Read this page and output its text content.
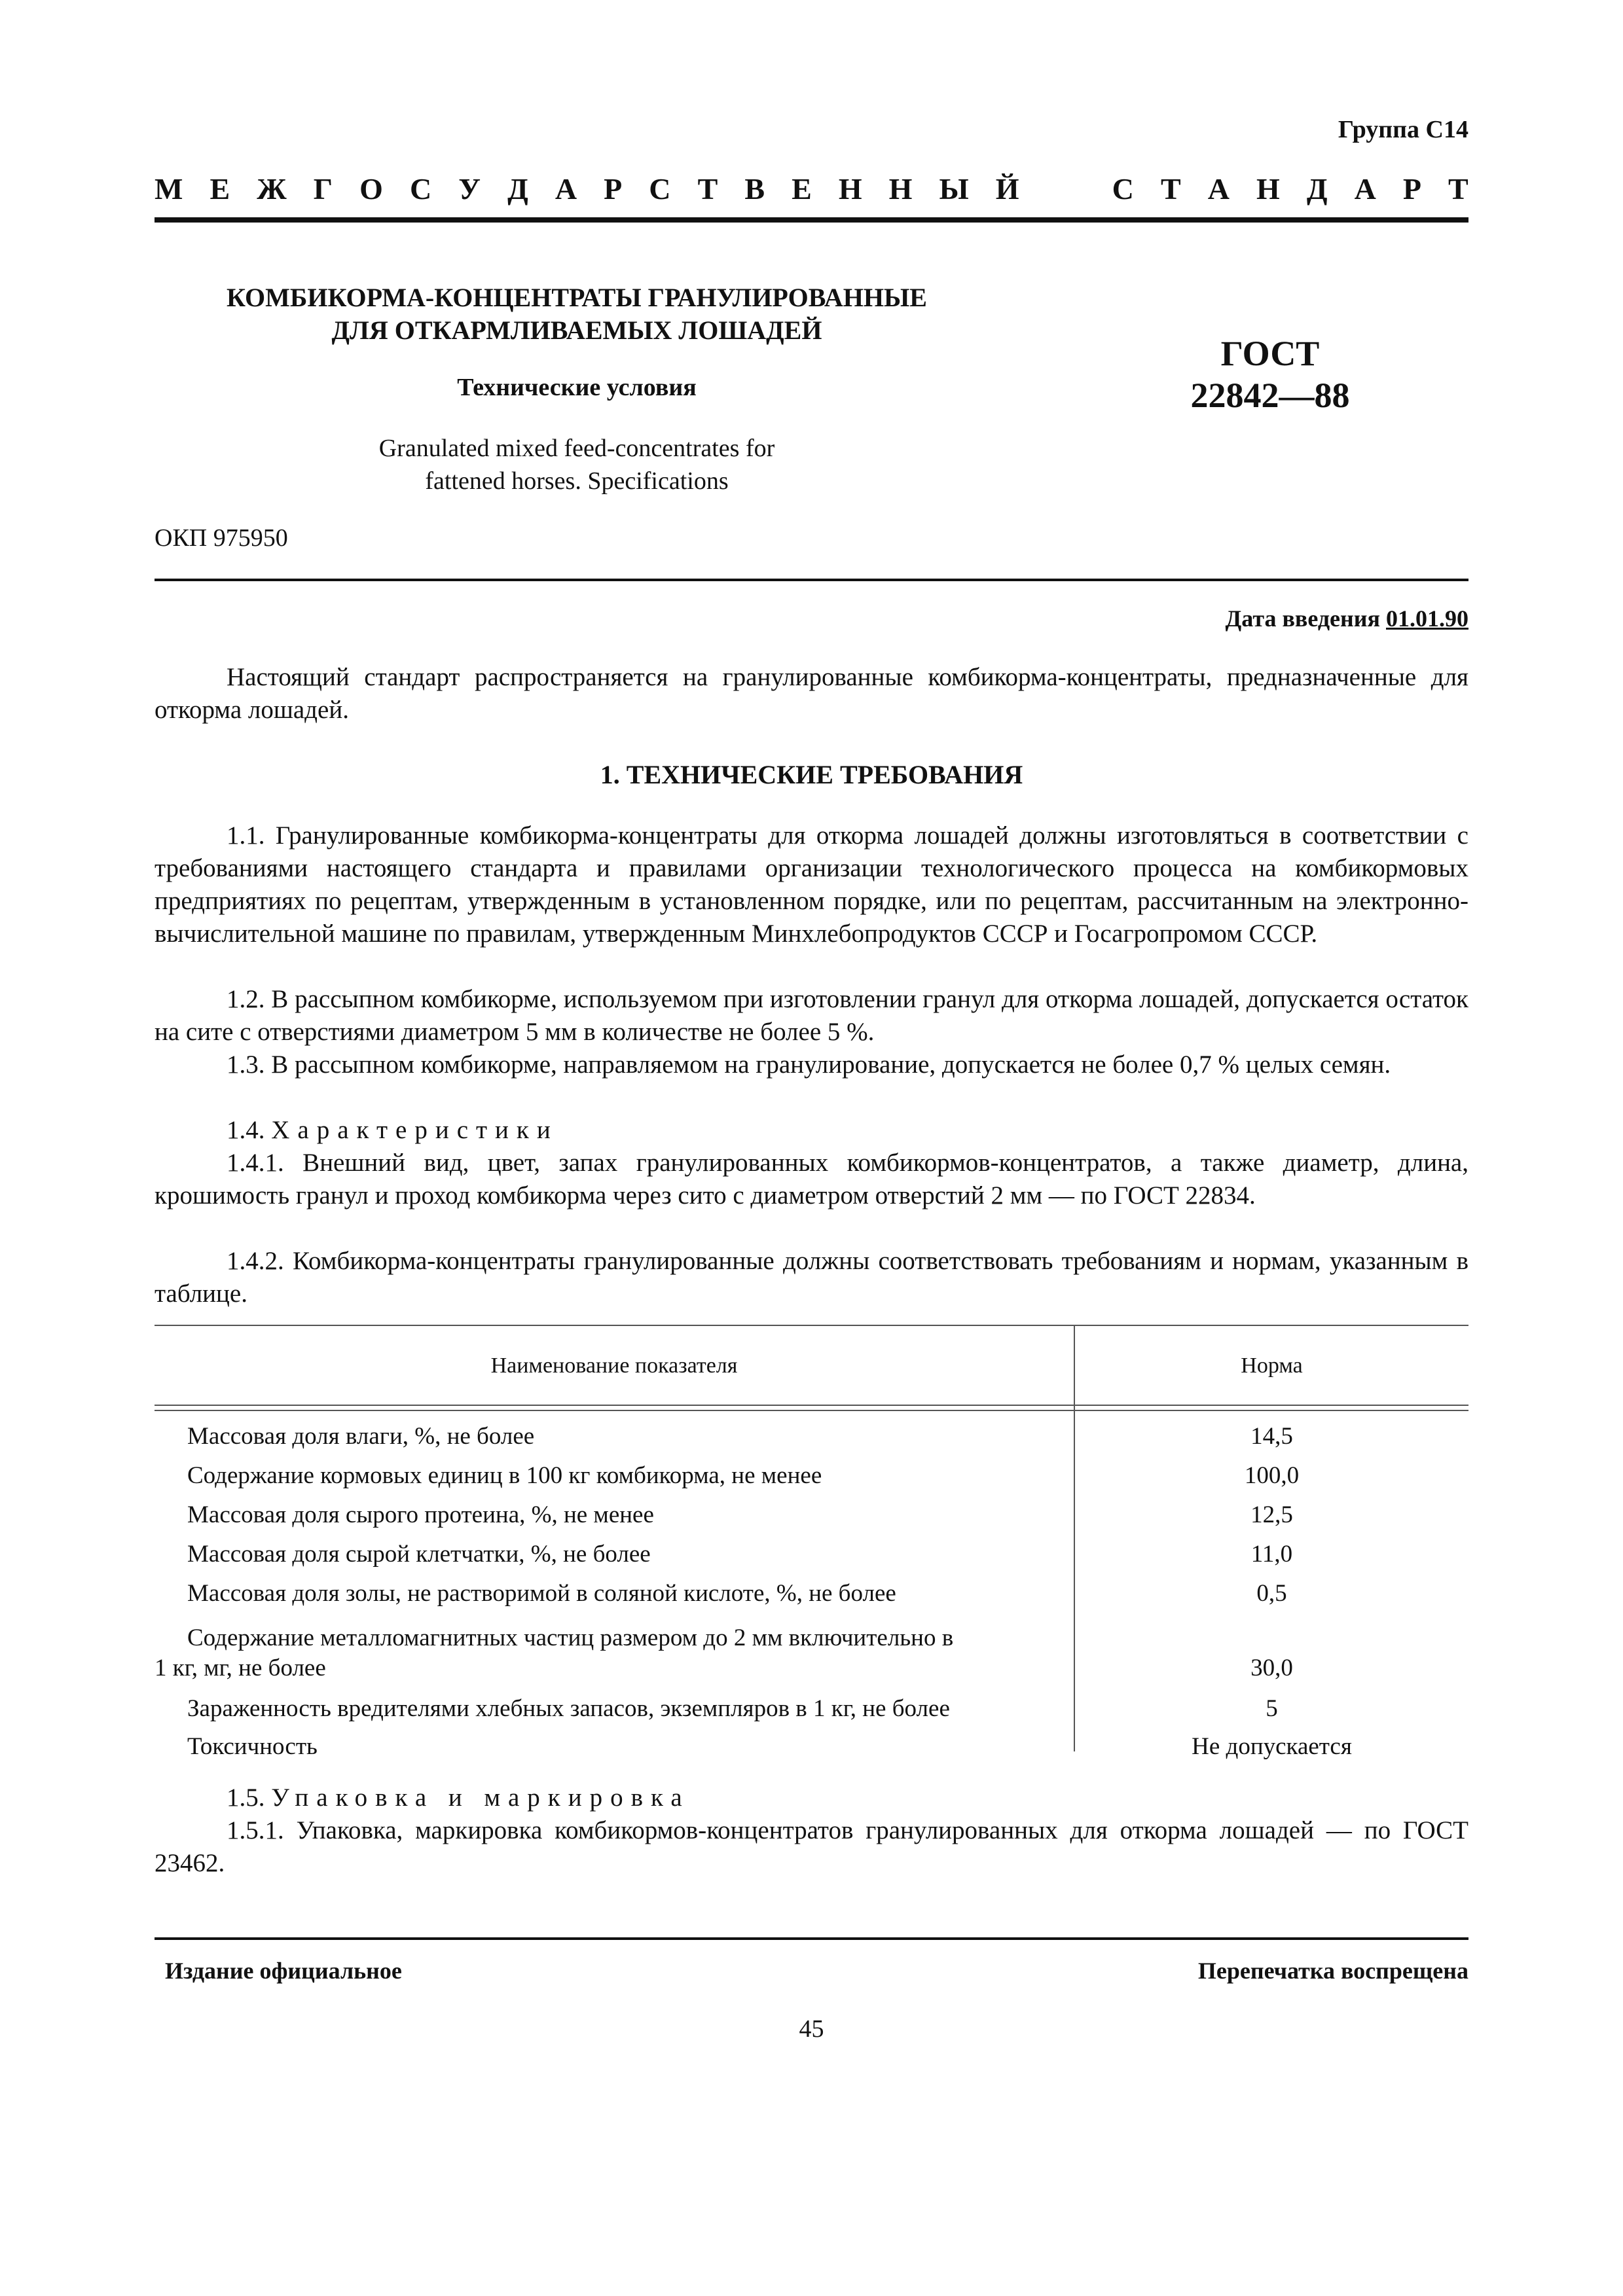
Группа С14
М Е Ж Г О С У Д А Р С Т В Е Н Н Ы Й	С Т А Н Д А Р Т
КОМБИКОРМА-КОНЦЕНТРАТЫ ГРАНУЛИРОВАННЫЕ
ДЛЯ ОТКАРМЛИВАЕМЫХ ЛОШАДЕЙ
Технические условия
Granulated mixed feed-concentrates for
fattened horses. Specifications
ГОСТ
22842—88
ОКП 975950
Дата введения 01.01.90
Настоящий стандарт распространяется на гранулированные комбикорма-концентраты, предназначенные для откорма лошадей.
1. ТЕХНИЧЕСКИЕ ТРЕБОВАНИЯ
1.1. Гранулированные комбикорма-концентраты для откорма лошадей должны изготовляться в соответствии с требованиями настоящего стандарта и правилами организации технологического процесса на комбикормовых предприятиях по рецептам, утвержденным в установленном порядке, или по рецептам, рассчитанным на электронно-вычислительной машине по правилам, утвержденным Минхлебопродуктов СССР и Госагропромом СССР.
1.2. В рассыпном комбикорме, используемом при изготовлении гранул для откорма лошадей, допускается остаток на сите с отверстиями диаметром 5 мм в количестве не более 5 %.
1.3. В рассыпном комбикорме, направляемом на гранулирование, допускается не более 0,7 % целых семян.
1.4. Характеристики
1.4.1. Внешний вид, цвет, запах гранулированных комбикормов-концентратов, а также диаметр, длина, крошимость гранул и проход комбикорма через сито с диаметром отверстий 2 мм — по ГОСТ 22834.
1.4.2. Комбикорма-концентраты гранулированные должны соответствовать требованиям и нормам, указанным в таблице.
Наименование показателя	Норма
Массовая доля влаги, %, не более	14,5
Содержание кормовых единиц в 100 кг комбикорма, не менее	100,0
Массовая доля сырого протеина, %, не менее	12,5
Массовая доля сырой клетчатки, %, не более	11,0
Массовая доля золы, не растворимой в соляной кислоте, %, не более	0,5
Содержание металломагнитных частиц размером до 2 мм включительно в
1 кг, мг, не более	30,0
Зараженность вредителями хлебных запасов, экземпляров в 1 кг, не более	5
Токсичность	Не допускается
1.5. Упаковка и маркировка
1.5.1. Упаковка, маркировка комбикормов-концентратов гранулированных для откорма лошадей — по ГОСТ 23462.
Издание официальное	Перепечатка воспрещена
45
